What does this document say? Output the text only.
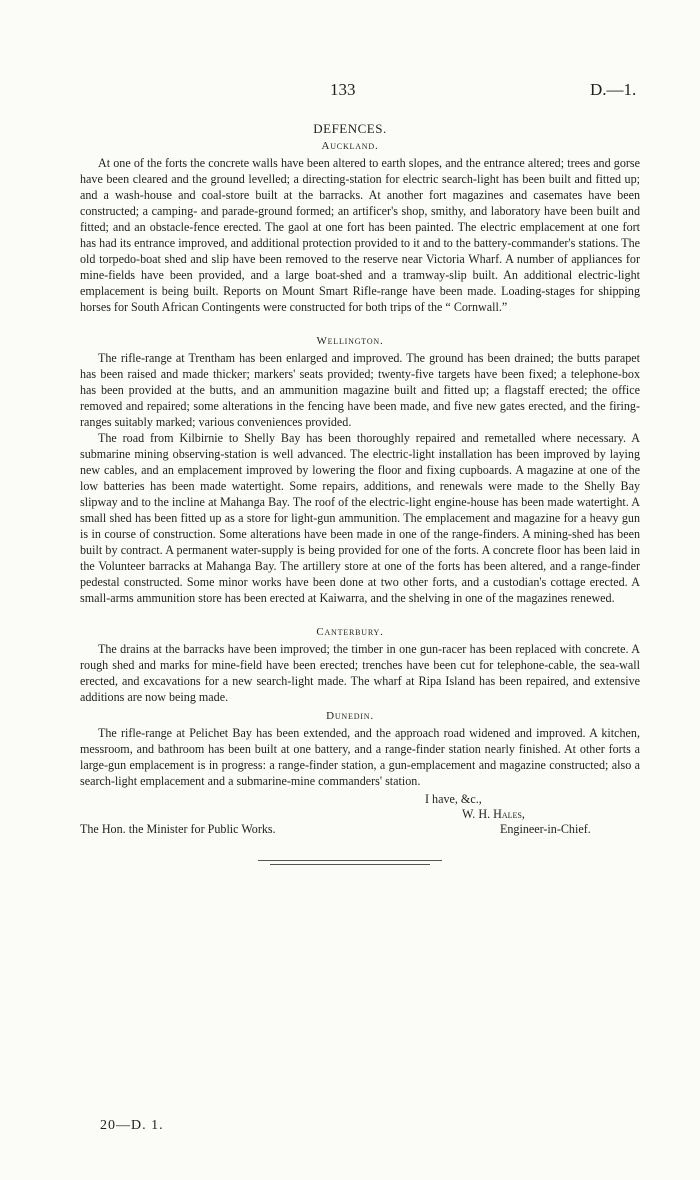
133	D.—1.
DEFENCES.
Auckland.

At one of the forts the concrete walls have been altered to earth slopes, and the entrance altered; trees and gorse have been cleared and the ground levelled; a directing-station for electric search-light has been built and fitted up; and a wash-house and coal-store built at the barracks. At another fort magazines and casemates have been constructed; a camping- and parade-ground formed; an artificer's shop, smithy, and laboratory have been built and fitted; and an obstacle-fence erected. The gaol at one fort has been painted. The electric emplacement at one fort has had its entrance improved, and additional protection provided to it and to the battery-commander's stations. The old torpedo-boat shed and slip have been removed to the reserve near Victoria Wharf. A number of appliances for mine-fields have been provided, and a large boat-shed and a tramway-slip built. An additional electric-light emplacement is being built. Reports on Mount Smart Rifle-range have been made. Loading-stages for shipping horses for South African Contingents were constructed for both trips of the “ Cornwall.”

Wellington.

The rifle-range at Trentham has been enlarged and improved. The ground has been drained; the butts parapet has been raised and made thicker; markers' seats provided; twenty-five targets have been fixed; a telephone-box has been provided at the butts, and an ammunition magazine built and fitted up; a flagstaff erected; the office removed and repaired; some alterations in the fencing have been made, and five new gates erected, and the firing-ranges suitably marked; various conveniences provided.

The road from Kilbirnie to Shelly Bay has been thoroughly repaired and remetalled where necessary. A submarine mining observing-station is well advanced. The electric-light installation has been improved by laying new cables, and an emplacement improved by lowering the floor and fixing cupboards. A magazine at one of the low batteries has been made watertight. Some repairs, additions, and renewals were made to the Shelly Bay slipway and to the incline at Mahanga Bay. The roof of the electric-light engine-house has been made watertight. A small shed has been fitted up as a store for light-gun ammunition. The emplacement and magazine for a heavy gun is in course of construction. Some alterations have been made in one of the range-finders. A mining-shed has been built by contract. A permanent water-supply is being provided for one of the forts. A concrete floor has been laid in the Volunteer barracks at Mahanga Bay. The artillery store at one of the forts has been altered, and a range-finder pedestal constructed. Some minor works have been done at two other forts, and a custodian's cottage erected. A small-arms ammunition store has been erected at Kaiwarra, and the shelving in one of the magazines renewed.

Canterbury.

The drains at the barracks have been improved; the timber in one gun-racer has been replaced with concrete. A rough shed and marks for mine-field have been erected; trenches have been cut for telephone-cable, the sea-wall erected, and excavations for a new search-light made. The wharf at Ripa Island has been repaired, and extensive additions are now being made.

Dunedin.

The rifle-range at Pelichet Bay has been extended, and the approach road widened and improved. A kitchen, messroom, and bathroom has been built at one battery, and a range-finder station nearly finished. At other forts a large-gun emplacement is in progress: a range-finder station, a gun-emplacement and magazine constructed; also a search-light emplacement and a submarine-mine commanders' station.

I have, &c.,
W. H. Hales,
Engineer-in-Chief.
The Hon. the Minister for Public Works.
20—D. 1.
